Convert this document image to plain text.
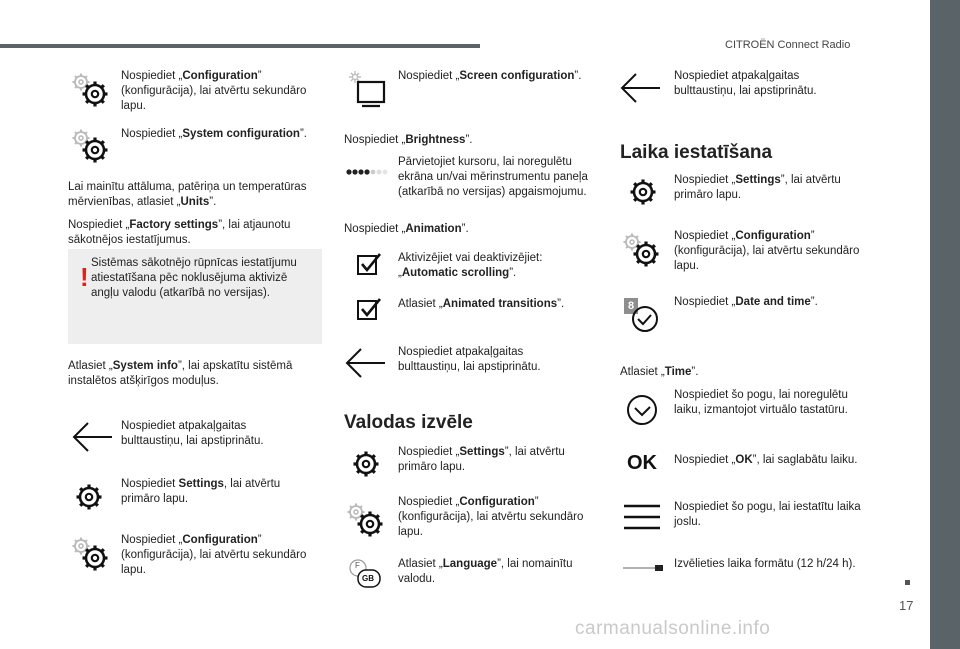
CITROËN Connect Radio
Nospiediet „Configuration” (konfigurācija), lai atvērtu sekundāro lapu.
Nospiediet „System configuration”.
Lai mainītu attāluma, patēriņa un temperatūras mērvienības, atlasiet „Units”.
Nospiediet „Factory settings”, lai atjaunotu sākotnējos iestatījumus.
! Sistēmas sākotnējo rūpnīcas iestatījumu atiestatīšana pēc noklusējuma aktivizē angļu valodu (atkarībā no versijas).
Atlasiet „System info”, lai apskatītu sistēmā instalētos atšķirīgos moduļus.
Nospiediet atpakaļgaitas bulttaustiņu, lai apstiprinātu.
Nospiediet Settings, lai atvērtu primāro lapu.
Nospiediet „Configuration” (konfigurācija), lai atvērtu sekundāro lapu.
Nospiediet „Screen configuration”.
Nospiediet „Brightness”.
Pārvietojiet kursoru, lai noregulētu ekrāna un/vai mērinstrumentu paneļa (atkarībā no versijas) apgaismojumu.
Nospiediet „Animation”.
Aktivizējiet vai deaktivizējiet: „Automatic scrolling”.
Atlasiet „Animated transitions”.
Nospiediet atpakaļgaitas bulttaustiņu, lai apstiprinātu.
Valodas izvēle
Nospiediet „Settings”, lai atvērtu primāro lapu.
Nospiediet „Configuration” (konfigurācija), lai atvērtu sekundāro lapu.
F
GB
Atlasiet „Language”, lai nomainītu valodu.
Nospiediet atpakaļgaitas bulttaustiņu, lai apstiprinātu.
Laika iestatīšana
Nospiediet „Settings”, lai atvērtu primāro lapu.
Nospiediet „Configuration” (konfigurācija), lai atvērtu sekundāro lapu.
8	Nospiediet „Date and time”.
Atlasiet „Time”.
Nospiediet šo pogu, lai noregulētu laiku, izmantojot virtuālo tastatūru.
OK Nospiediet „OK”, lai saglabātu laiku.
Nospiediet šo pogu, lai iestatītu laika joslu.
Izvēlieties laika formātu (12 h/24 h).
17
carmanualsonline.info
